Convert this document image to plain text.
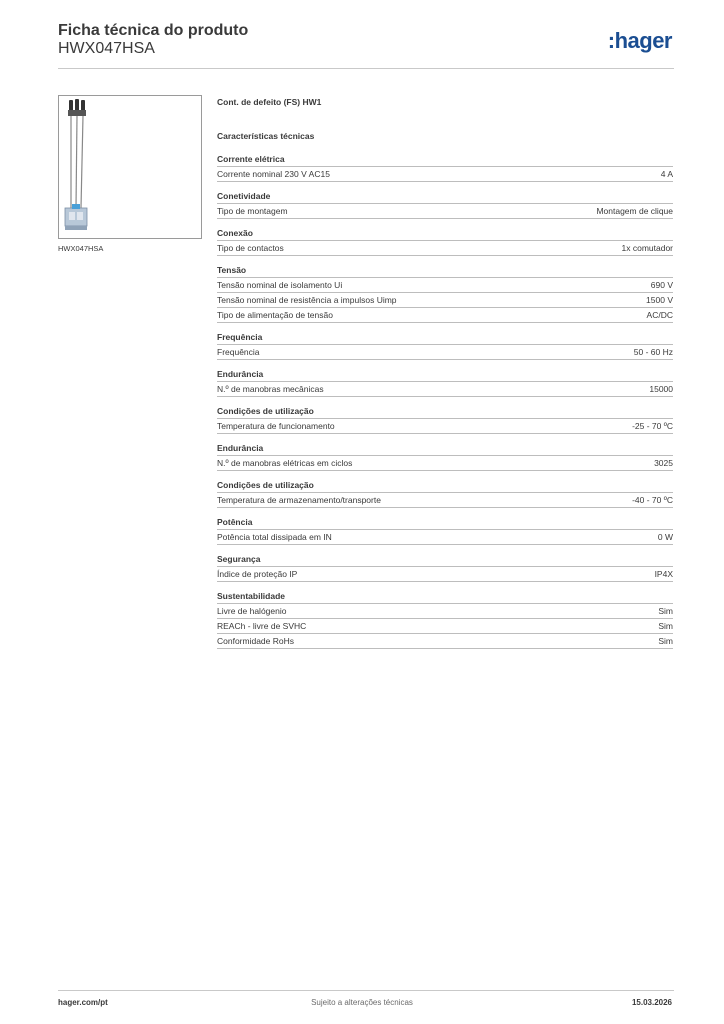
Ficha técnica do produto
HWX047HSA	:hager
HWX047HSA
Cont. de defeito (FS) HW1
Características técnicas
Corrente elétrica
Corrente nominal 230 V AC15	4 A
Conetividade
Tipo de montagem	Montagem de clique
Conexão
Tipo de contactos	1x comutador
Tensão
Tensão nominal de isolamento Ui	690 V
Tensão nominal de resistência a impulsos Uimp	1500 V
Tipo de alimentação de tensão	AC/DC
Frequência
Frequência	50 - 60 Hz
Endurância
N.º de manobras mecânicas	15000
Condições de utilização
Temperatura de funcionamento	-25 - 70 ºC
Endurância
N.º de manobras elétricas em ciclos	3025
Condições de utilização
Temperatura de armazenamento/transporte	-40 - 70 ºC
Potência
Potência total dissipada em IN	0 W
Segurança
Índice de proteção IP	IP4X
Sustentabilidade
Livre de halógenio	Sim
REACh - livre de SVHC	Sim
Conformidade RoHs	Sim
hager.com/pt	Sujeito a alterações técnicas	15.03.2026
